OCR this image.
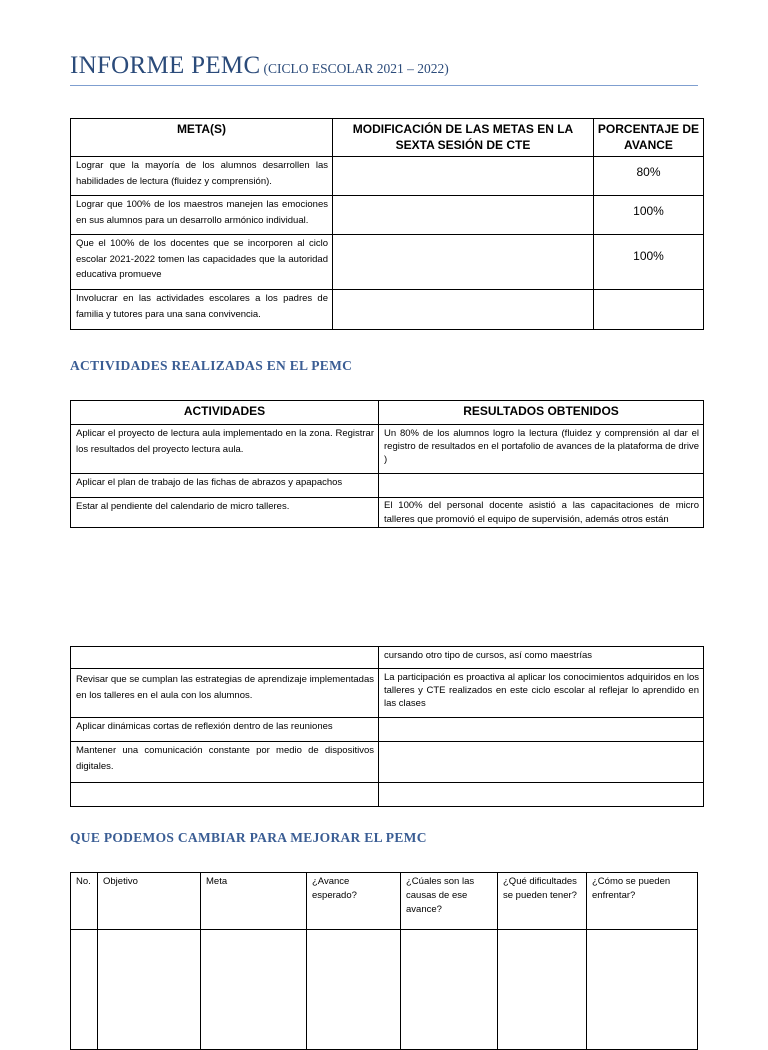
INFORME PEMC (CICLO ESCOLAR 2021 – 2022)
META(S)	MODIFICACIÓN DE LAS METAS EN LA SEXTA SESIÓN DE CTE	PORCENTAJE DE AVANCE
Lograr que la mayoría de los alumnos desarrollen las habilidades de lectura (fluidez y comprensión).		80%
Lograr que 100% de los maestros manejen las emociones en sus alumnos para un desarrollo armónico individual.		100%
Que el 100% de los docentes que se incorporen al ciclo escolar 2021-2022 tomen las capacidades que la autoridad educativa promueve		100%
Involucrar en las actividades escolares a los padres de familia y tutores para una sana convivencia.		
ACTIVIDADES REALIZADAS EN EL PEMC
ACTIVIDADES	RESULTADOS OBTENIDOS
Aplicar el proyecto de lectura aula implementado en la zona. Registrar los resultados del proyecto lectura aula.	Un 80% de los alumnos logro la lectura (fluidez y comprensión al dar el registro de resultados en el portafolio de avances de la plataforma de drive )
Aplicar el plan de trabajo de las fichas de abrazos y apapachos	
Estar al pendiente del calendario de micro talleres.	El 100% del personal docente asistió a las capacitaciones de micro talleres que promovió el equipo de supervisión, además otros están
	cursando otro tipo de cursos, así como maestrías
Revisar que se cumplan las estrategias de aprendizaje implementadas en los talleres en el aula con los alumnos.	La participación es proactiva al aplicar los conocimientos adquiridos en los talleres y CTE realizados en este ciclo escolar al reflejar lo aprendido en las clases
Aplicar dinámicas cortas de reflexión dentro de las reuniones	
Mantener una comunicación constante por medio de dispositivos digitales.	

QUE PODEMOS CAMBIAR PARA MEJORAR EL PEMC
No.	Objetivo	Meta	¿Avance esperado?	¿Cúales son las causas de ese avance?	¿Qué dificultades se pueden tener?	¿Cómo se pueden enfrentar?
